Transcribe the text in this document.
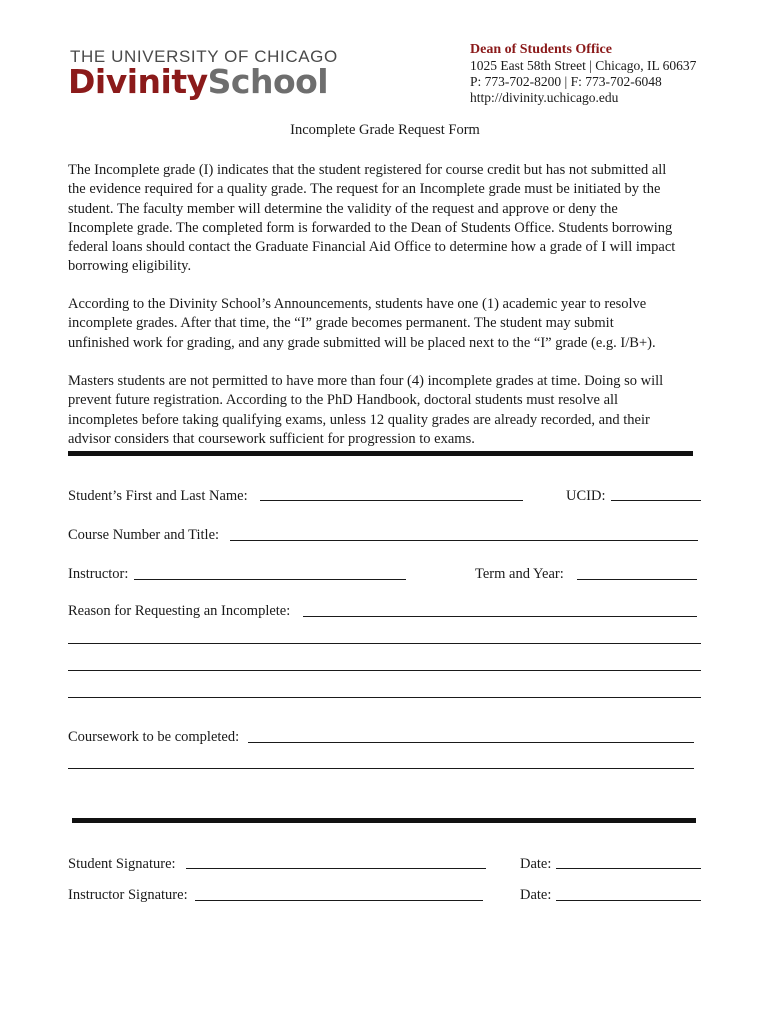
THE UNIVERSITY OF CHICAGO
DivinitySchool
Dean of Students Office
1025 East 58th Street | Chicago, IL 60637
P: 773-702-8200 | F: 773-702-6048
http://divinity.uchicago.edu
Incomplete Grade Request Form
The Incomplete grade (I) indicates that the student registered for course credit but has not submitted all
the evidence required for a quality grade. The request for an Incomplete grade must be initiated by the
student. The faculty member will determine the validity of the request and approve or deny the
Incomplete grade. The completed form is forwarded to the Dean of Students Office. Students borrowing
federal loans should contact the Graduate Financial Aid Office to determine how a grade of I will impact
borrowing eligibility.
According to the Divinity School’s Announcements, students have one (1) academic year to resolve
incomplete grades. After that time, the “I” grade becomes permanent. The student may submit
unfinished work for grading, and any grade submitted will be placed next to the “I” grade (e.g. I/B+).
Masters students are not permitted to have more than four (4) incomplete grades at time. Doing so will
prevent future registration. According to the PhD Handbook, doctoral students must resolve all
incompletes before taking qualifying exams, unless 12 quality grades are already recorded, and their
advisor considers that coursework sufficient for progression to exams.
Student’s First and Last Name:	UCID:
Course Number and Title:
Instructor:	Term and Year:
Reason for Requesting an Incomplete:
Coursework to be completed:
Student Signature:	Date:
Instructor Signature:	Date:
